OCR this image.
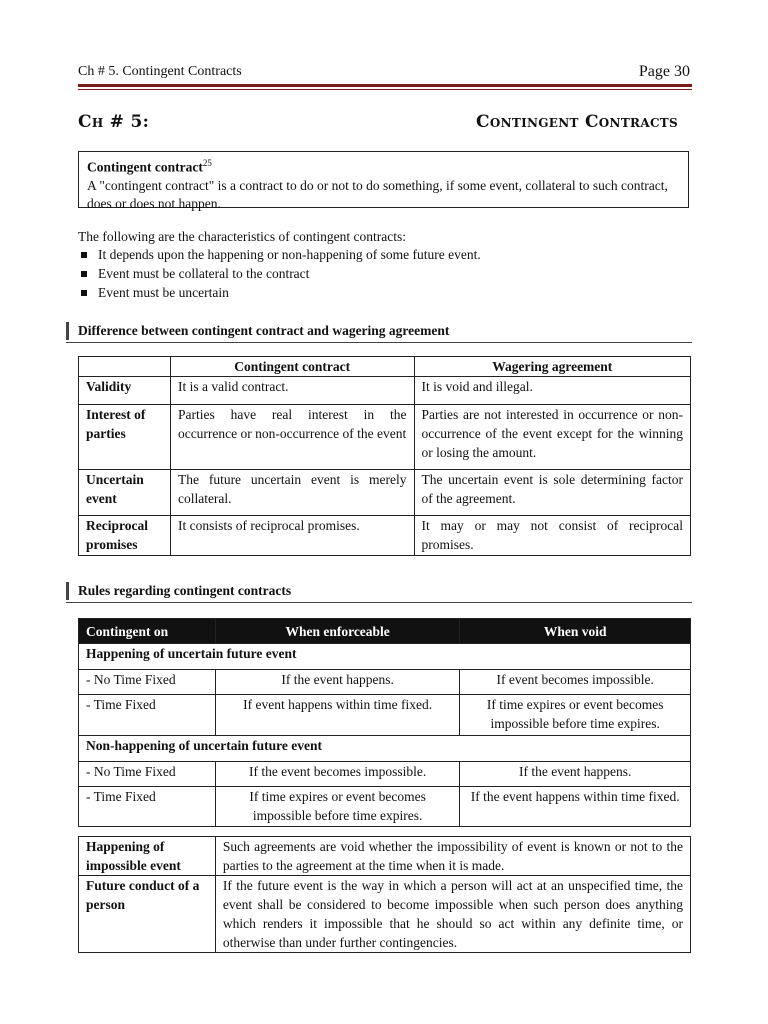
Ch # 5. Contingent Contracts	Page 30
Ch # 5:	Contingent Contracts
Contingent contract$^{25}$
A "contingent contract" is a contract to do or not to do something, if some event, collateral to such contract, does or does not happen.
The following are the characteristics of contingent contracts:
It depends upon the happening or non-happening of some future event.
Event must be collateral to the contract
Event must be uncertain
Difference between contingent contract and wagering agreement
	Contingent contract	Wagering agreement
Validity	It is a valid contract.	It is void and illegal.
Interest of parties	Parties have real interest in the occurrence or non-occurrence of the event	Parties are not interested in occurrence or non-occurrence of the event except for the winning or losing the amount.
Uncertain event	The future uncertain event is merely collateral.	The uncertain event is sole determining factor of the agreement.
Reciprocal promises	It consists of reciprocal promises.	It may or may not consist of reciprocal promises.
Rules regarding contingent contracts
Contingent on	When enforceable	When void
Happening of uncertain future event		
- No Time Fixed	If the event happens.	If event becomes impossible.
- Time Fixed	If event happens within time fixed.	If time expires or event becomes impossible before time expires.
Non-happening of uncertain future event		
- No Time Fixed	If the event becomes impossible.	If the event happens.
- Time Fixed	If time expires or event becomes impossible before time expires.	If the event happens within time fixed.
Happening of impossible event	Such agreements are void whether the impossibility of event is known or not to the parties to the agreement at the time when it is made.
Future conduct of a person	If the future event is the way in which a person will act at an unspecified time, the event shall be considered to become impossible when such person does anything which renders it impossible that he should so act within any definite time, or otherwise than under further contingencies.
